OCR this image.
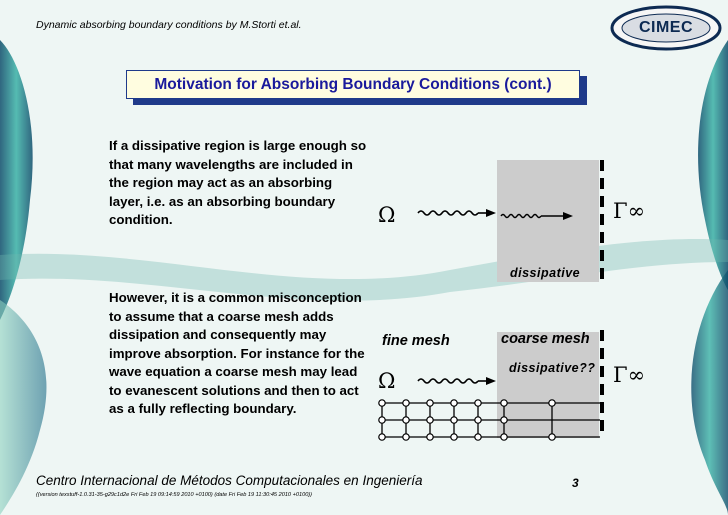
Dynamic absorbing boundary conditions by M.Storti et.al.	CIMEC
Motivation for Absorbing Boundary Conditions (cont.)
If a dissipative region is large enough so that many wavelengths are included in the region may act as an absorbing layer, i.e. as an absorbing boundary condition.
However, it is a common misconception to assume that a coarse mesh adds dissipation and consequently may improve absorption. For instance for the wave equation a coarse mesh may lead to evanescent solutions and then to act as a fully reflecting boundary.
Ω	Γ∞
dissipative
fine mesh	coarse mesh
dissipative??
Ω	Γ∞
Centro Internacional de Métodos Computacionales en Ingeniería	3
((version texstuff-1.0.31-35-g29c1d2e Fri Feb 19 09:14:59 2010 +0100) (date Fri Feb 19 11:30:45 2010 +0100))
